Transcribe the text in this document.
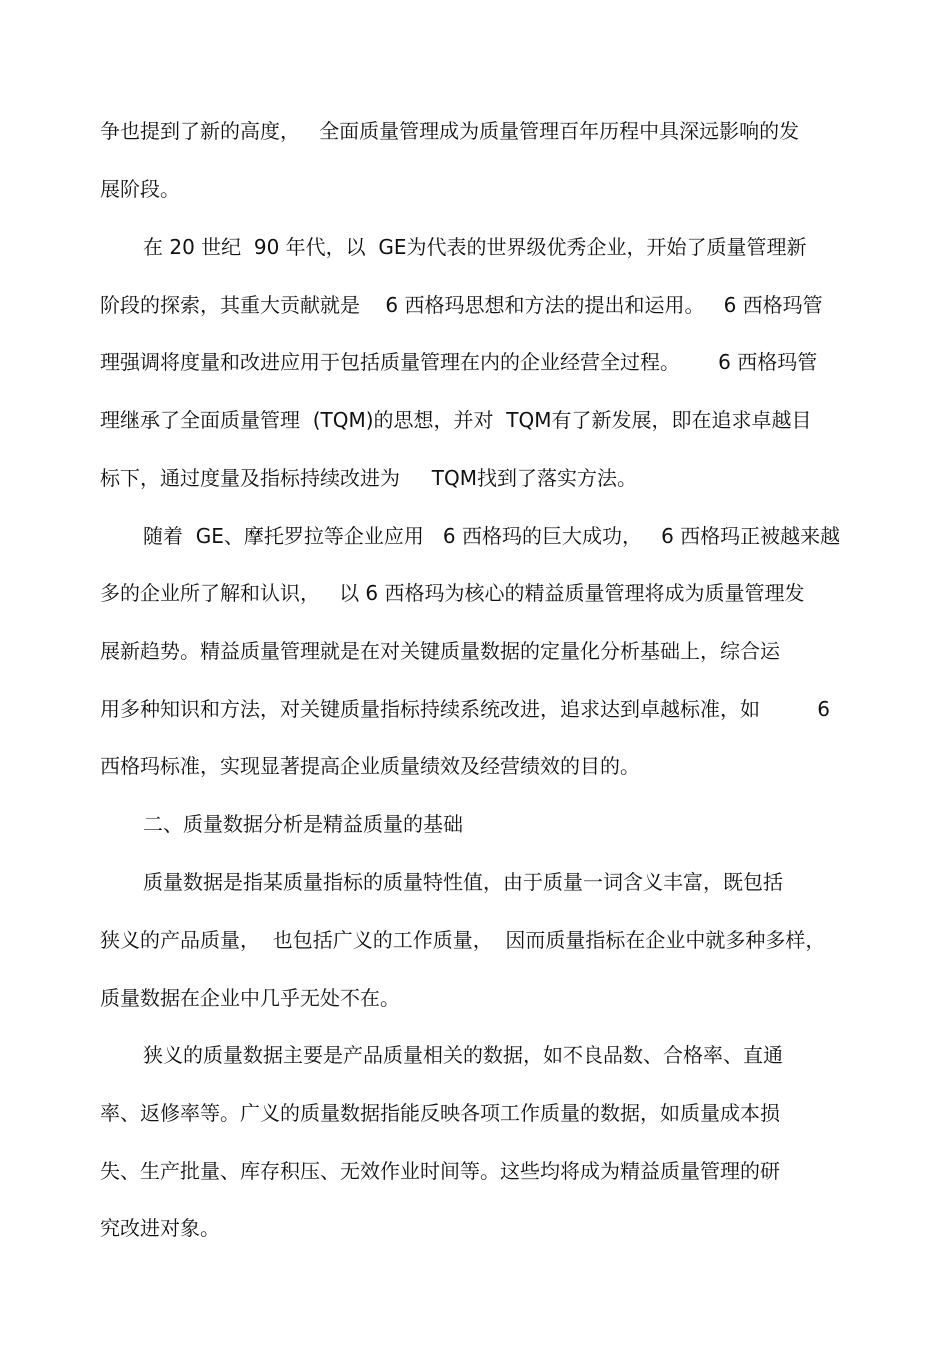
争也提到了新的高度，   全面质量管理成为质量管理百年历程中具深远影响的发
展阶段。
在 20 世纪  90 年代，以  GE为代表的世界级优秀企业，开始了质量管理新
阶段的探索，其重大贡献就是    6 西格玛思想和方法的提出和运用。   6 西格玛管
理强调将度量和改进应用于包括质量管理在内的企业经营全过程。      6 西格玛管
理继承了全面质量管理  (TQM)的思想，并对  TQM有了新发展，即在追求卓越目
标下，通过度量及指标持续改进为     TQM找到了落实方法。
随着  GE、摩托罗拉等企业应用   6 西格玛的巨大成功，   6 西格玛正被越来越
多的企业所了解和认识，   以 6 西格玛为核心的精益质量管理将成为质量管理发
展新趋势。精益质量管理就是在对关键质量数据的定量化分析基础上，综合运
用多种知识和方法，对关键质量指标持续系统改进，追求达到卓越标准，如         6
西格玛标准，实现显著提高企业质量绩效及经营绩效的目的。
二、质量数据分析是精益质量的基础
质量数据是指某质量指标的质量特性值，由于质量一词含义丰富，既包括
狭义的产品质量，  也包括广义的工作质量，  因而质量指标在企业中就多种多样，
质量数据在企业中几乎无处不在。
狭义的质量数据主要是产品质量相关的数据，如不良品数、合格率、直通
率、返修率等。广义的质量数据指能反映各项工作质量的数据，如质量成本损
失、生产批量、库存积压、无效作业时间等。这些均将成为精益质量管理的研
究改进对象。
